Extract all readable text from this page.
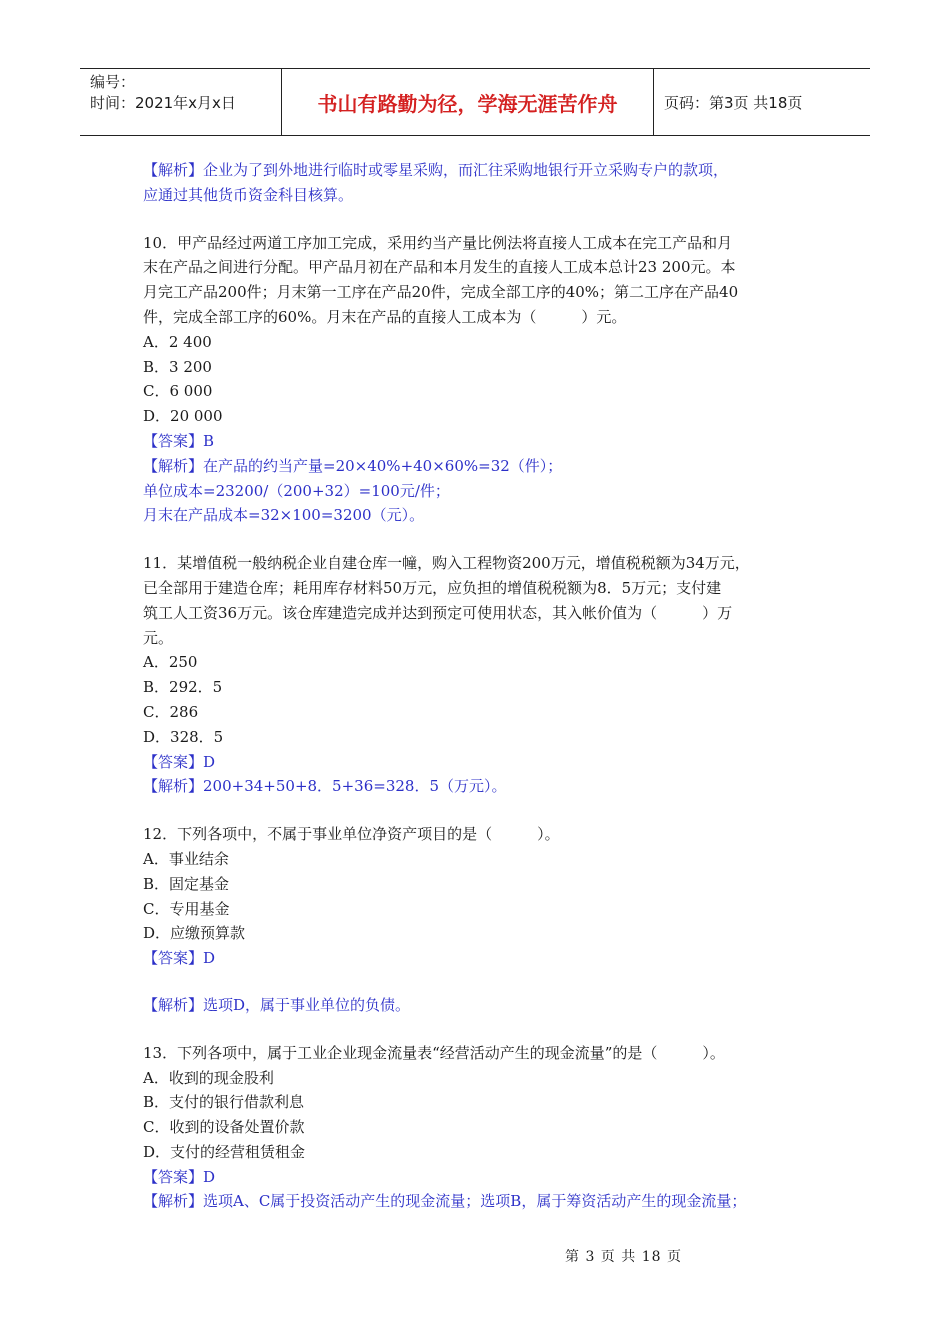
编号：
时间：2021年x月x日	书山有路勤为径，学海无涯苦作舟	页码：第3页 共18页
【解析】企业为了到外地进行临时或零星采购，而汇往采购地银行开立采购专户的款项，
应通过其他货币资金科目核算。
10．甲产品经过两道工序加工完成，采用约当产量比例法将直接人工成本在完工产品和月
末在产品之间进行分配。甲产品月初在产品和本月发生的直接人工成本总计23 200元。本
月完工产品200件；月末第一工序在产品20件，完成全部工序的40%；第二工序在产品40
件，完成全部工序的60%。月末在产品的直接人工成本为（　　　）元。
A．2 400
B．3 200
C．6 000
D．20 000
【答案】B
【解析】在产品的约当产量=20×40%+40×60%=32（件）；
单位成本=23200/（200+32）=100元/件；
月末在产品成本=32×100=3200（元）。
11．某增值税一般纳税企业自建仓库一幢，购入工程物资200万元，增值税税额为34万元，
已全部用于建造仓库；耗用库存材料50万元，应负担的增值税税额为8．5万元；支付建
筑工人工资36万元。该仓库建造完成并达到预定可使用状态，其入帐价值为（　　　）万
元。
A．250
B．292．5
C．286
D．328．5
【答案】D
【解析】200+34+50+8．5+36=328．5（万元）。
12．下列各项中，不属于事业单位净资产项目的是（　　　）。
A．事业结余
B．固定基金
C．专用基金
D．应缴预算款
【答案】D
【解析】选项D，属于事业单位的负债。
13．下列各项中，属于工业企业现金流量表“经营活动产生的现金流量”的是（　　　）。
A．收到的现金股利
B．支付的银行借款利息
C．收到的设备处置价款
D．支付的经营租赁租金
【答案】D
【解析】选项A、C属于投资活动产生的现金流量；选项B，属于筹资活动产生的现金流量；
第 3 页 共 18 页
